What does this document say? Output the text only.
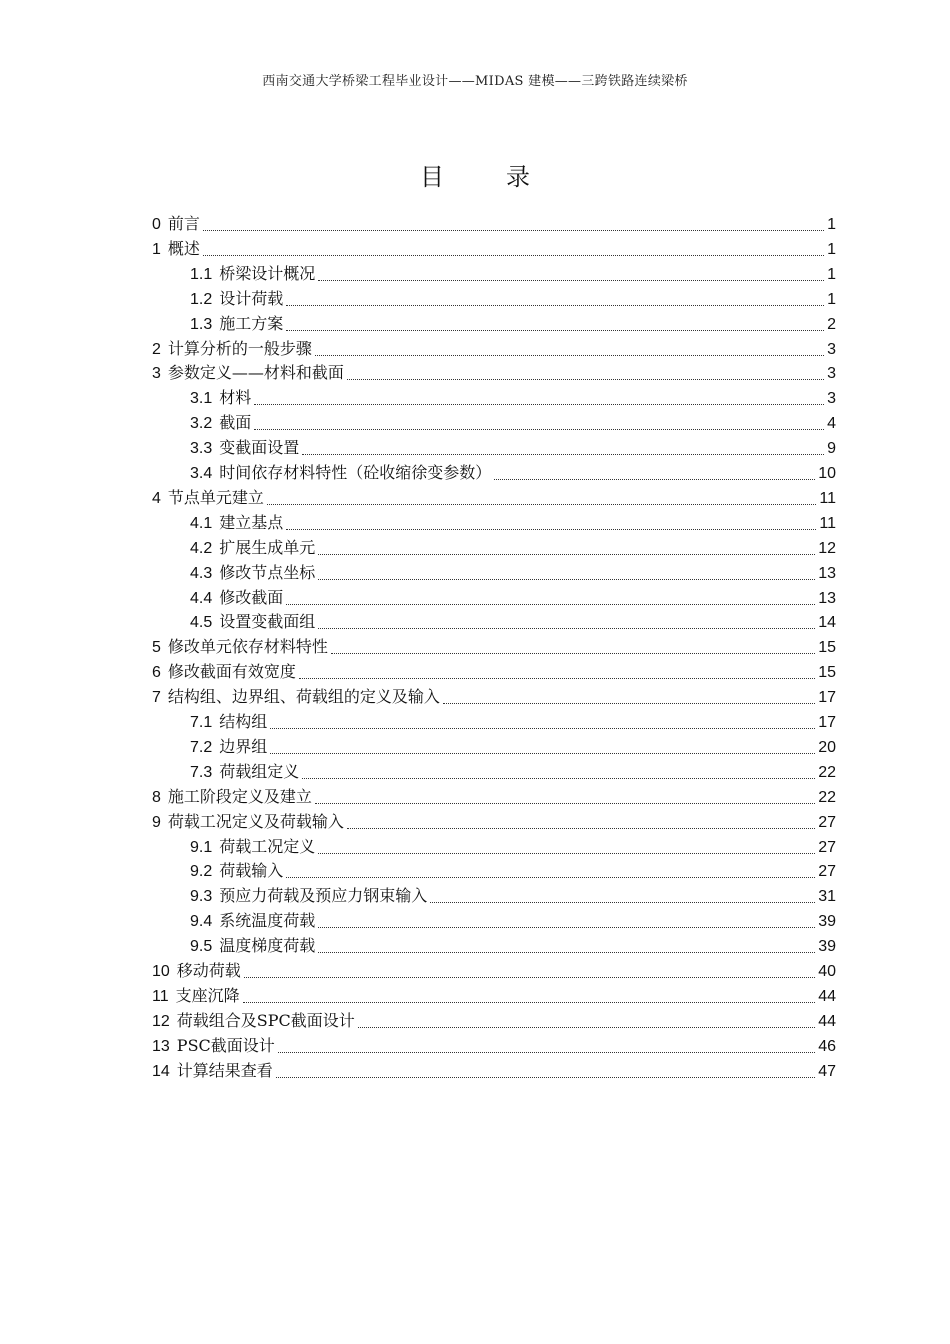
西南交通大学桥梁工程毕业设计——MIDAS 建模——三跨铁路连续梁桥
目	录
0 前言	1
1 概述	1
1.1 桥梁设计概况	1
1.2 设计荷载	1
1.3 施工方案	2
2 计算分析的一般步骤	3
3 参数定义——材料和截面	3
3.1 材料	3
3.2 截面	4
3.3 变截面设置	9
3.4 时间依存材料特性（砼收缩徐变参数）	10
4 节点单元建立	11
4.1 建立基点	11
4.2 扩展生成单元	12
4.3 修改节点坐标	13
4.4 修改截面	13
4.5 设置变截面组	14
5 修改单元依存材料特性	15
6 修改截面有效宽度	15
7 结构组、边界组、荷载组的定义及输入	17
7.1 结构组	17
7.2 边界组	20
7.3 荷载组定义	22
8 施工阶段定义及建立	22
9 荷载工况定义及荷载输入	27
9.1 荷载工况定义	27
9.2 荷载输入	27
9.3 预应力荷载及预应力钢束输入	31
9.4 系统温度荷载	39
9.5 温度梯度荷载	39
10 移动荷载	40
11 支座沉降	44
12 荷载组合及SPC截面设计	44
13 PSC截面设计	46
14 计算结果查看	47
